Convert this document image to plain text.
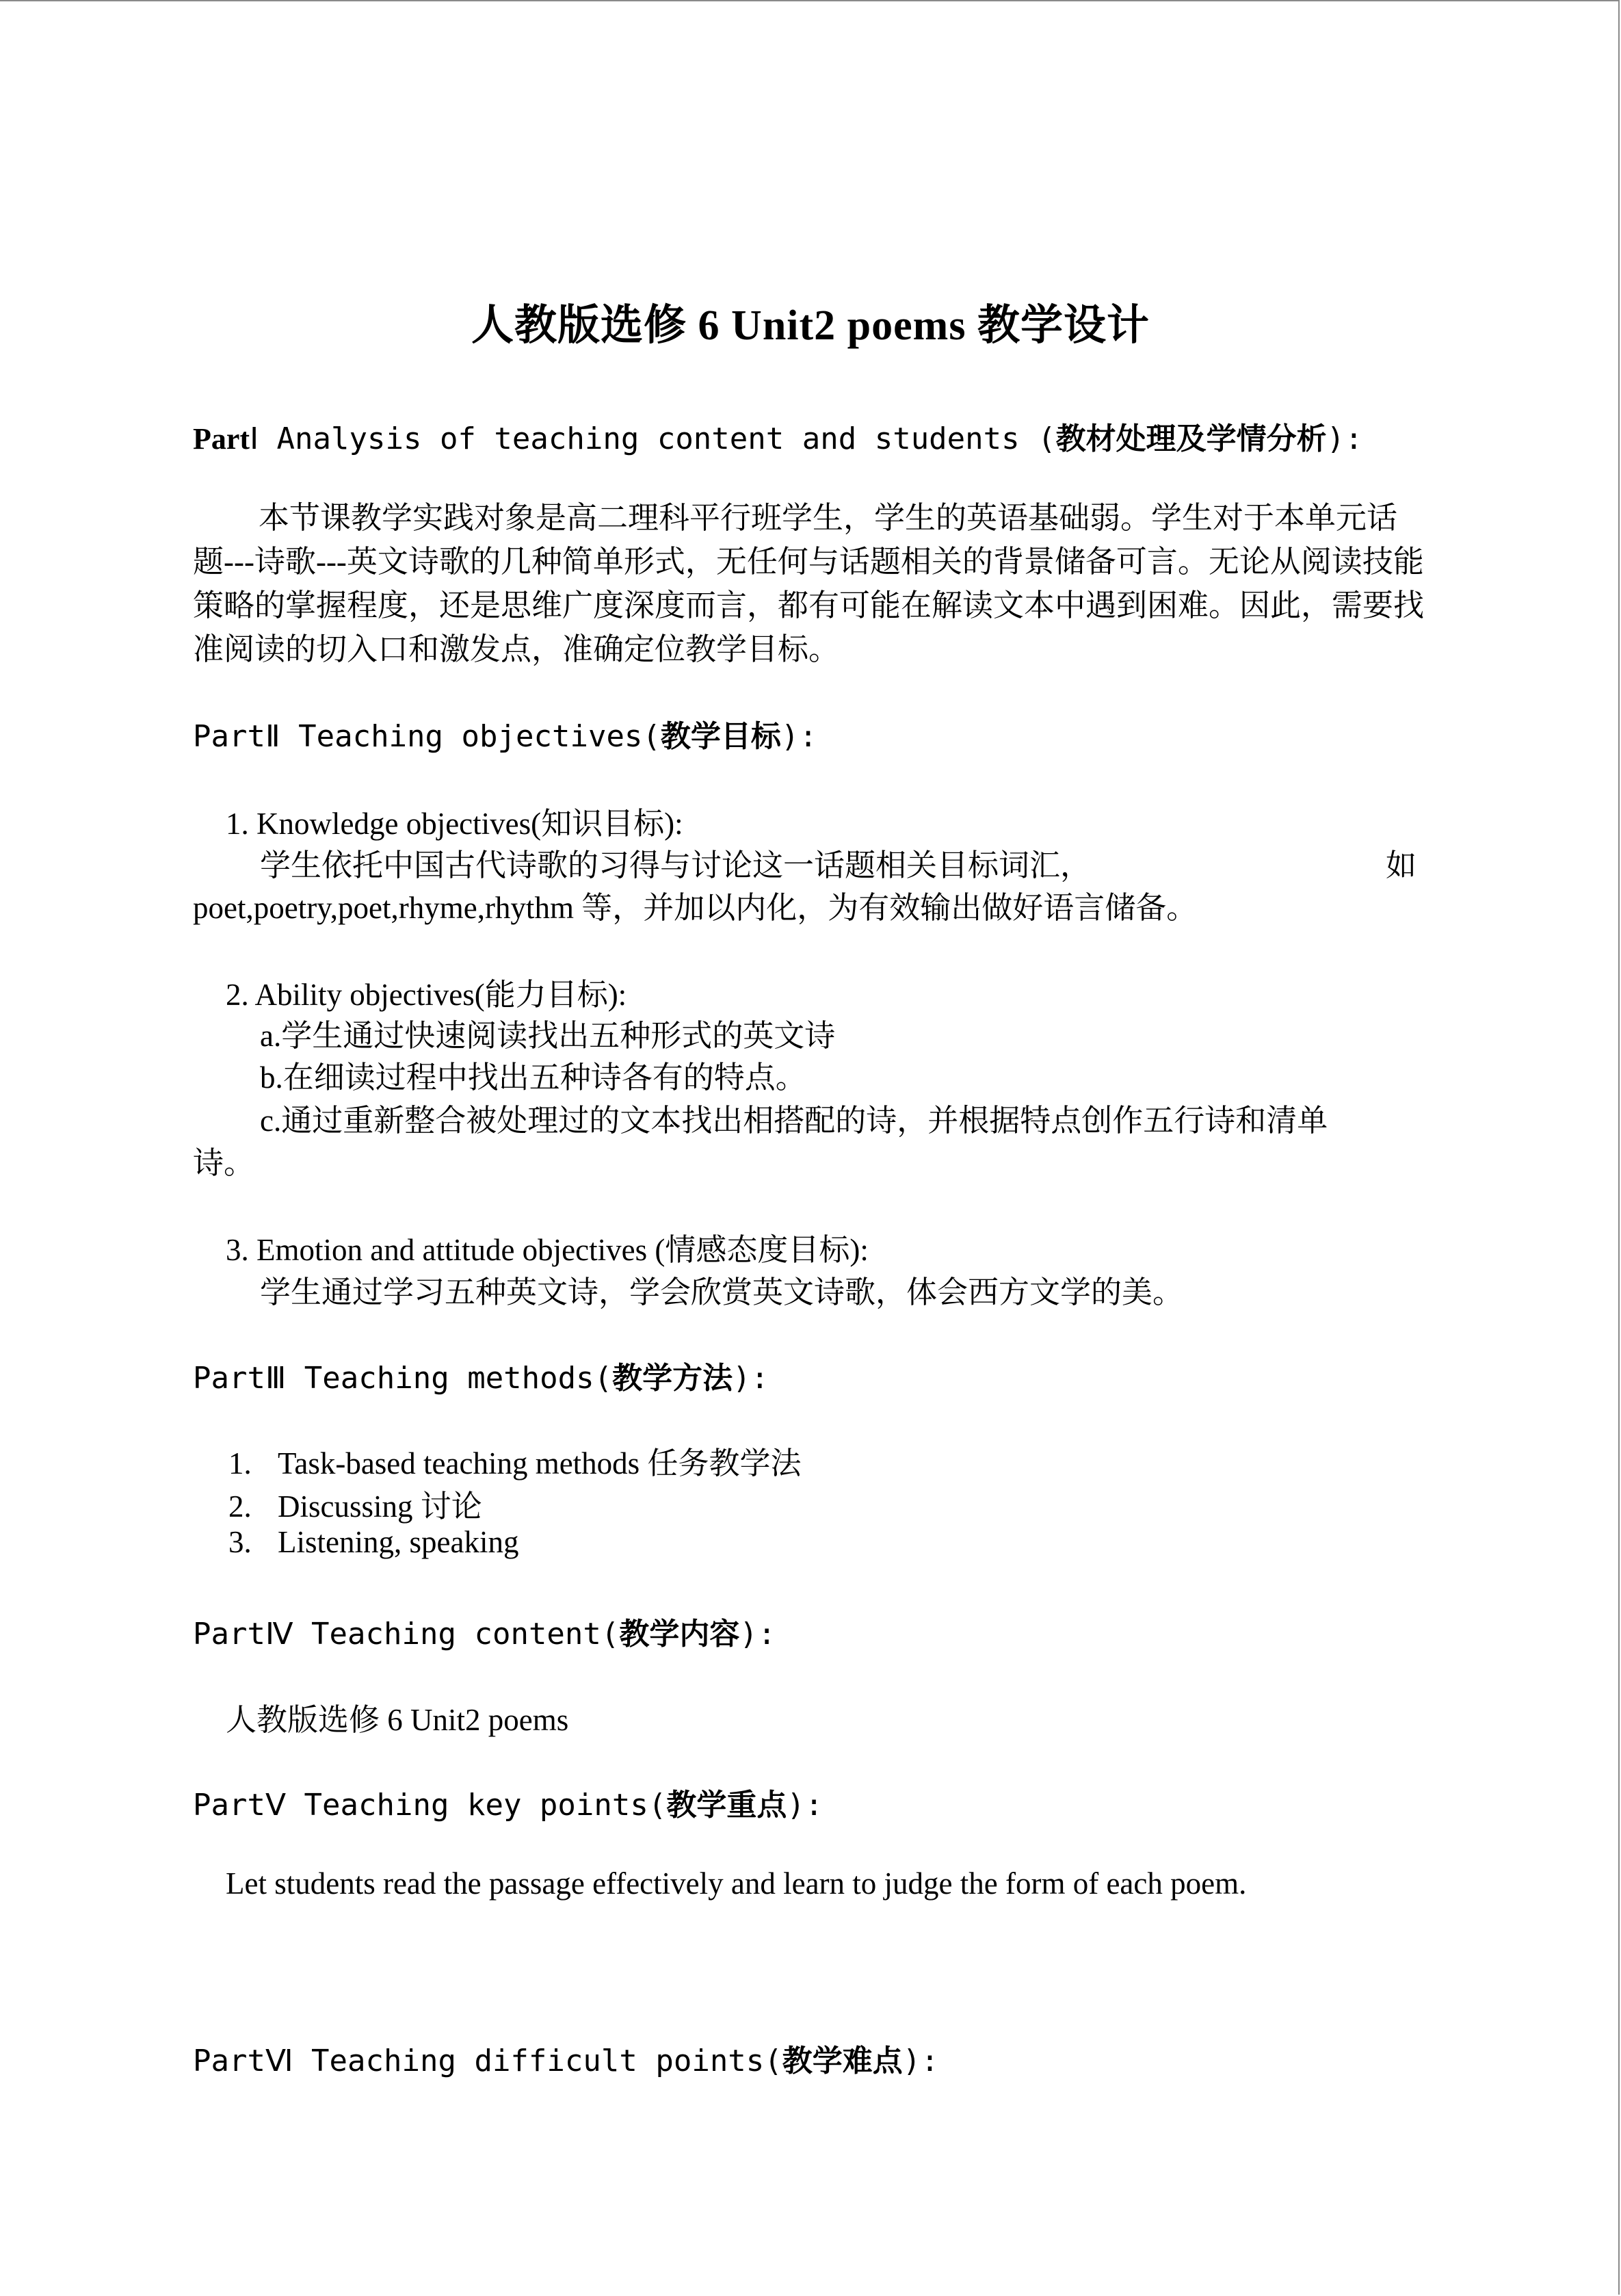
人教版选修 6 Unit2 poems 教学设计
PartⅠ Analysis of teaching content and students (教材处理及学情分析):
本节课教学实践对象是高二理科平行班学生，学生的英语基础弱。学生对于本单元话题---诗歌---英文诗歌的几种简单形式，无任何与话题相关的背景储备可言。无论从阅读技能策略的掌握程度，还是思维广度深度而言，都有可能在解读文本中遇到困难。因此，需要找准阅读的切入口和激发点，准确定位教学目标。
PartⅡ Teaching objectives(教学目标):
1. Knowledge objectives(知识目标):
学生依托中国古代诗歌的习得与讨论这一话题相关目标词汇，	如
poet,poetry,poet,rhyme,rhythm 等，并加以内化，为有效输出做好语言储备。
2. Ability objectives(能力目标):
a.学生通过快速阅读找出五种形式的英文诗
b.在细读过程中找出五种诗各有的特点。
c.通过重新整合被处理过的文本找出相搭配的诗，并根据特点创作五行诗和清单
诗。
3. Emotion and attitude objectives (情感态度目标):
学生通过学习五种英文诗，学会欣赏英文诗歌，体会西方文学的美。
PartⅢ Teaching methods(教学方法):
1. Task-based teaching methods 任务教学法
2. Discussing 讨论
3. Listening, speaking
PartⅣ Teaching content(教学内容):
人教版选修 6 Unit2 poems
PartⅤ Teaching key points(教学重点):
Let students read the passage effectively and learn to judge the form of each poem.
PartⅥ Teaching difficult points(教学难点):
